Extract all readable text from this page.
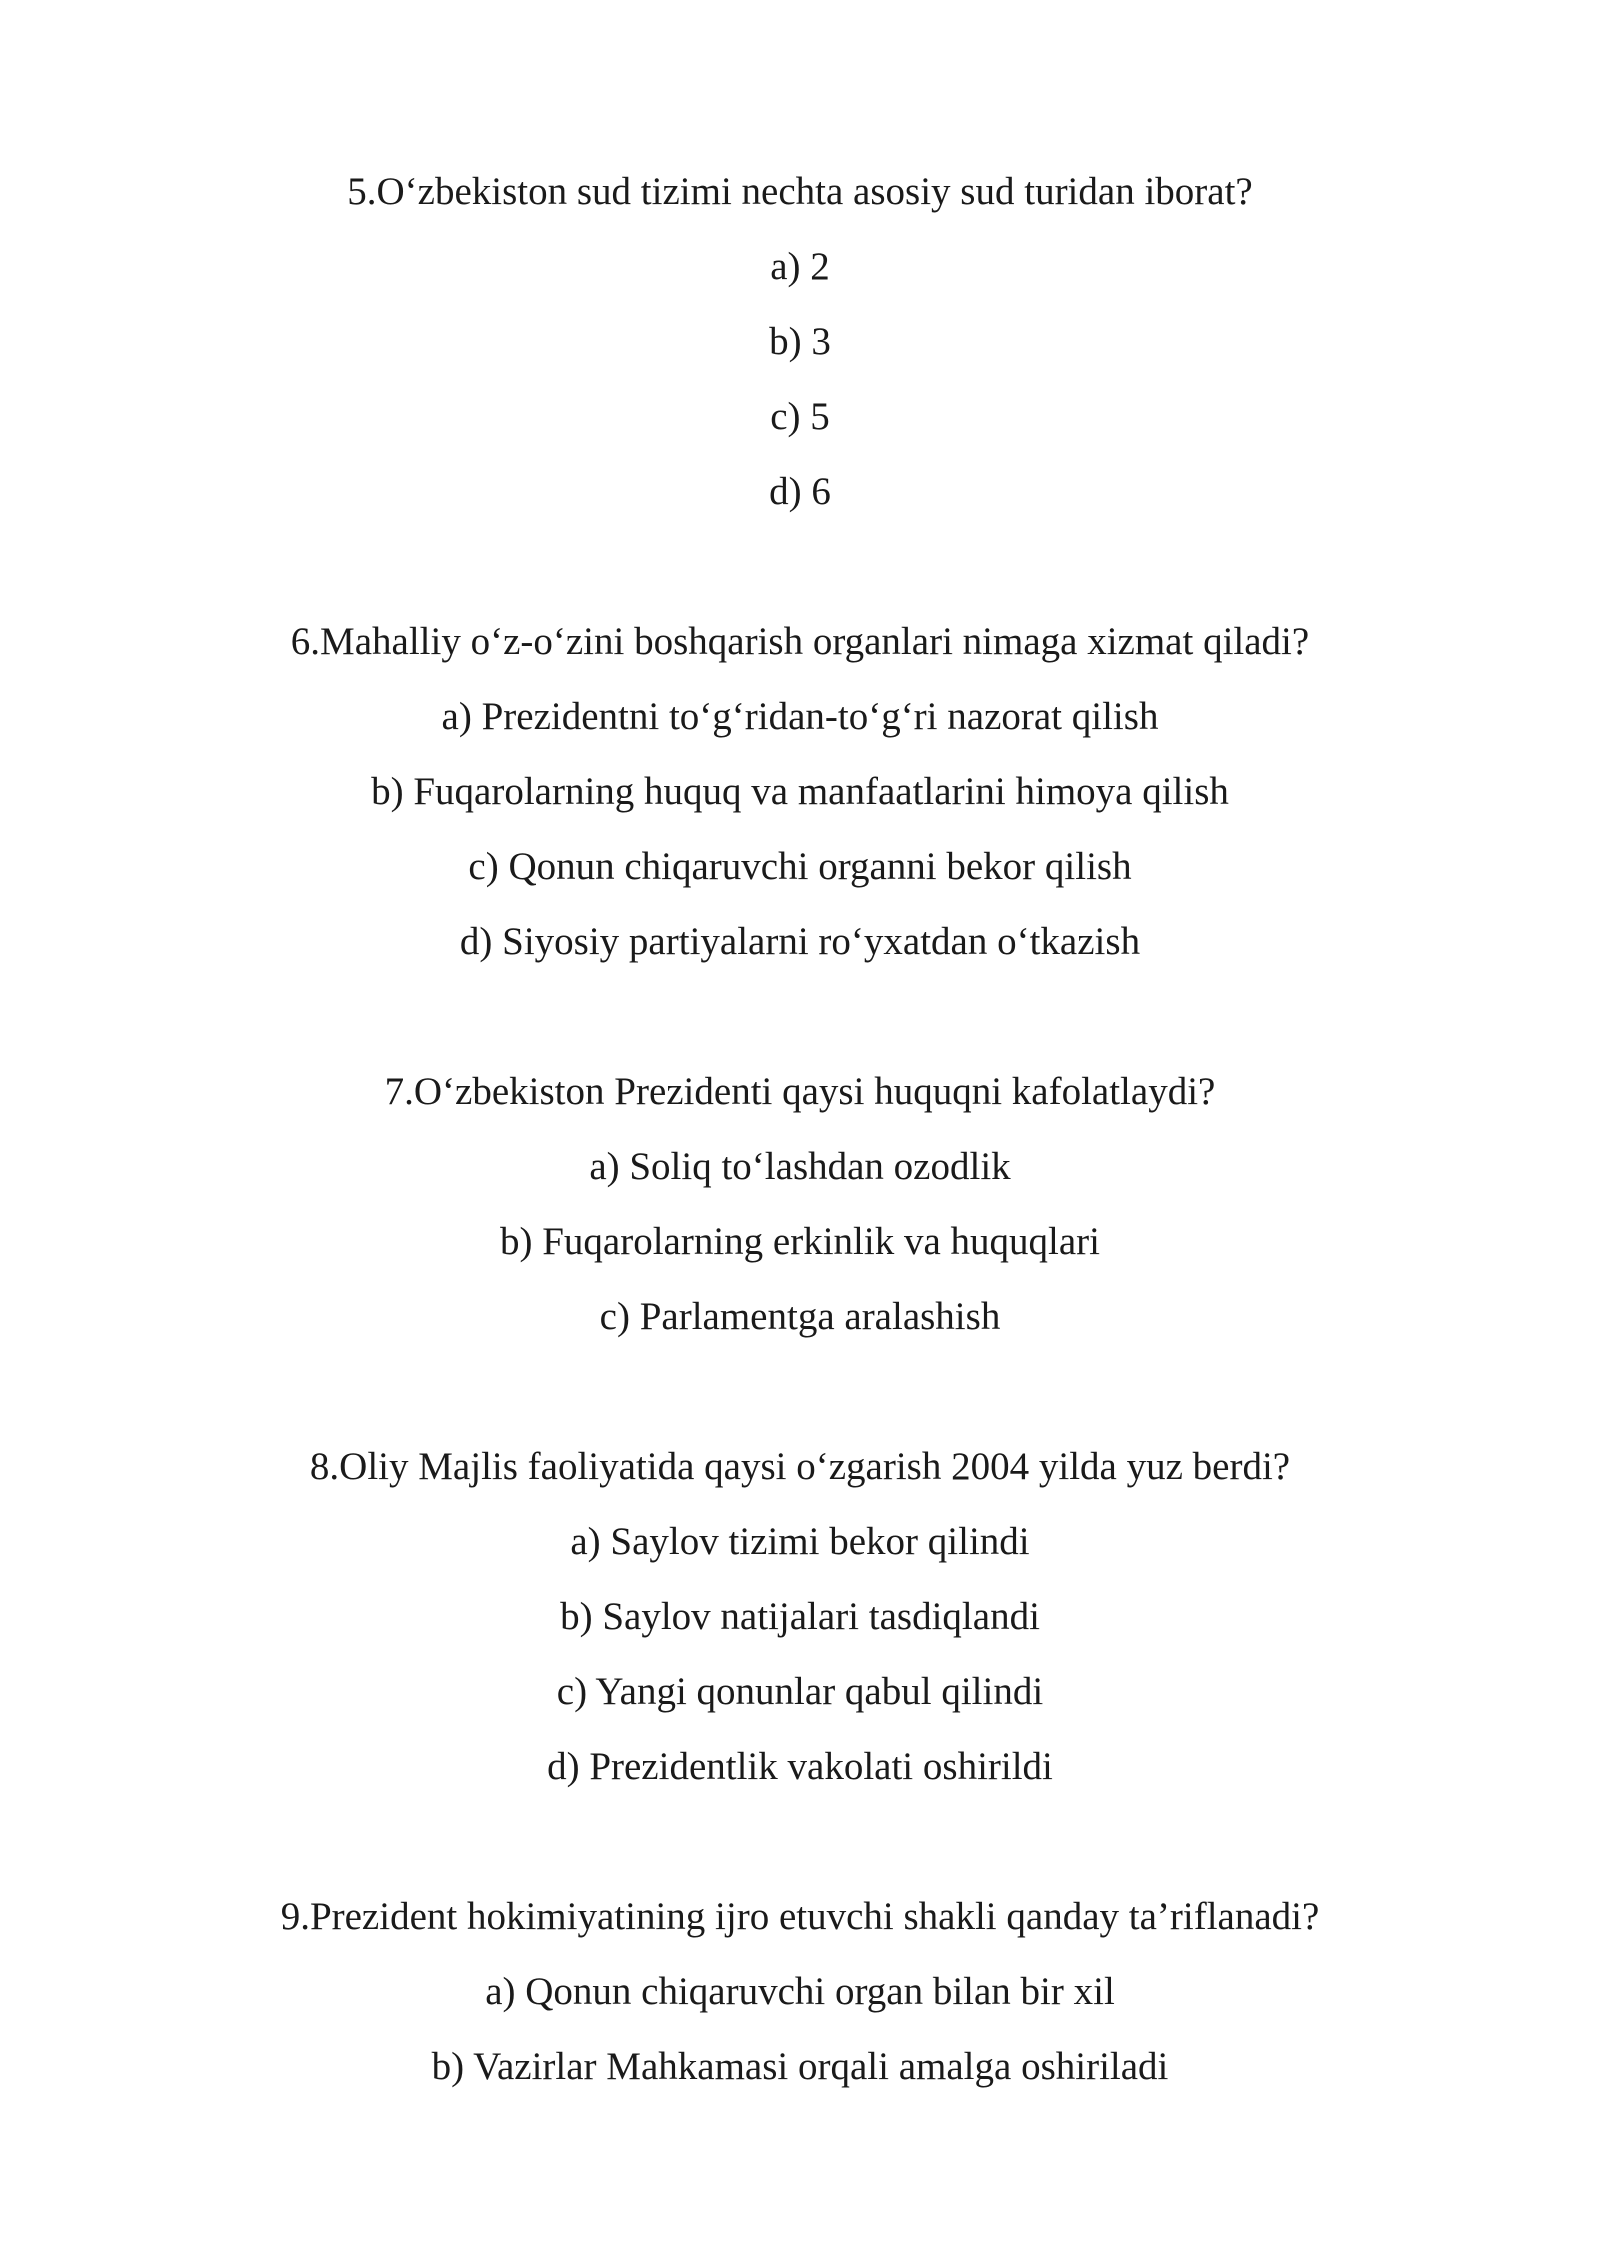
5.O‘zbekiston sud tizimi nechta asosiy sud turidan iborat?

a) 2

b) 3

c) 5

d) 6

6.Mahalliy o‘z-o‘zini boshqarish organlari nimaga xizmat qiladi?

a) Prezidentni to‘g‘ridan-to‘g‘ri nazorat qilish

b) Fuqarolarning huquq va manfaatlarini himoya qilish

c) Qonun chiqaruvchi organni bekor qilish

d) Siyosiy partiyalarni ro‘yxatdan o‘tkazish

7.O‘zbekiston Prezidenti qaysi huquqni kafolatlaydi?

a) Soliq to‘lashdan ozodlik

b) Fuqarolarning erkinlik va huquqlari

c) Parlamentga aralashish

8.Oliy Majlis faoliyatida qaysi o‘zgarish 2004 yilda yuz berdi?

a) Saylov tizimi bekor qilindi

b) Saylov natijalari tasdiqlandi

c) Yangi qonunlar qabul qilindi

d) Prezidentlik vakolati oshirildi

9.Prezident hokimiyatining ijro etuvchi shakli qanday ta’riflanadi?

a) Qonun chiqaruvchi organ bilan bir xil

b) Vazirlar Mahkamasi orqali amalga oshiriladi
